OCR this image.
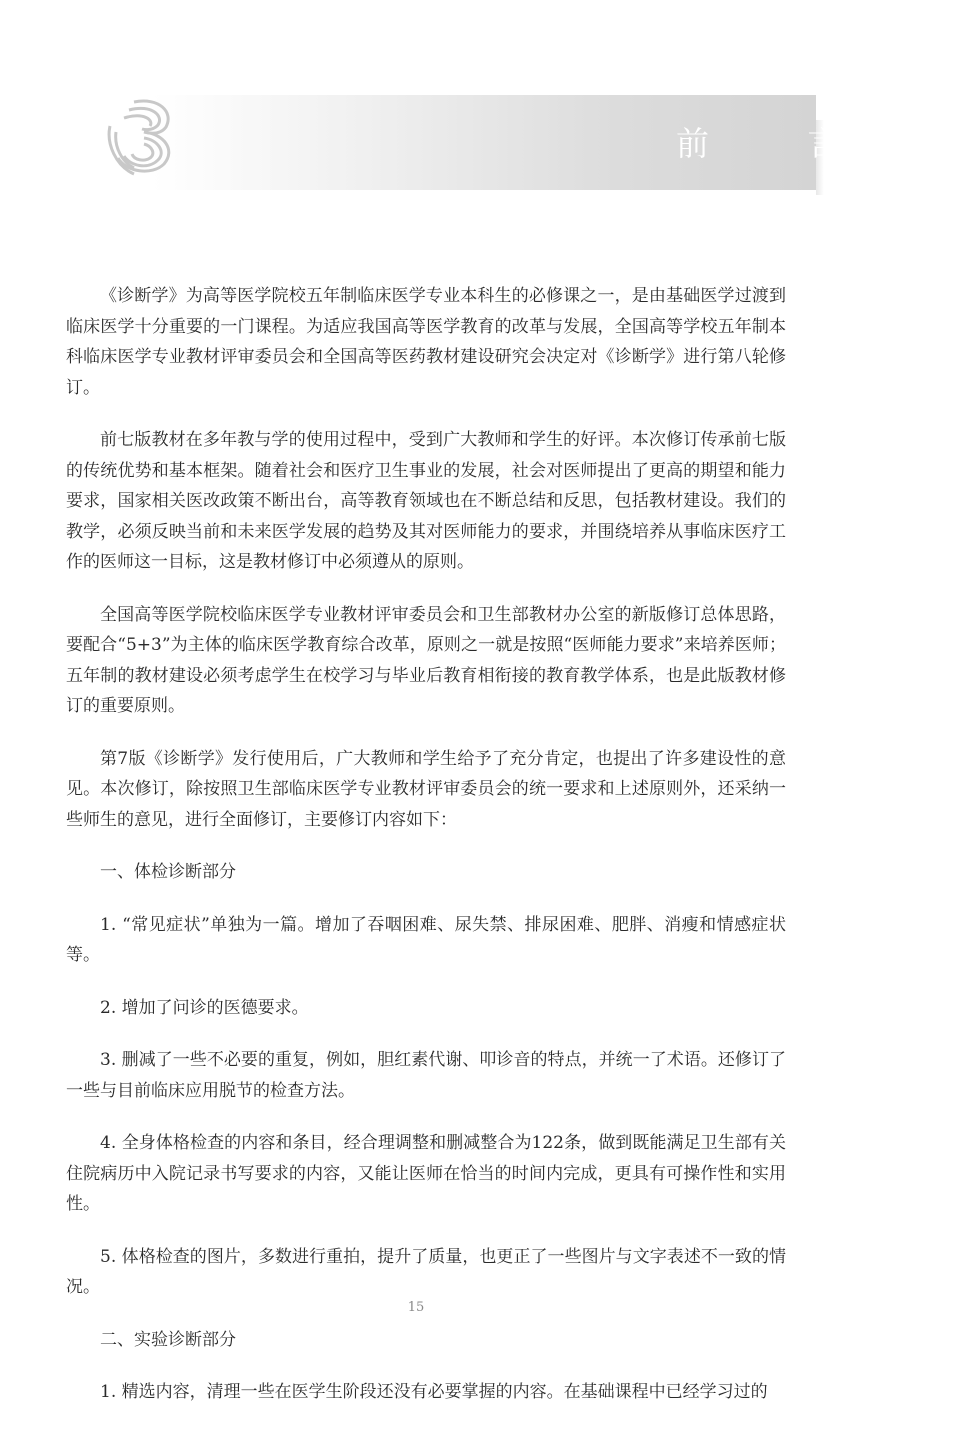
前 言

《诊断学》为高等医学院校五年制临床医学专业本科生的必修课之一，是由基础医学过渡到临床医学十分重要的一门课程。为适应我国高等医学教育的改革与发展，全国高等学校五年制本科临床医学专业教材评审委员会和全国高等医药教材建设研究会决定对《诊断学》进行第八轮修订。

前七版教材在多年教与学的使用过程中，受到广大教师和学生的好评。本次修订传承前七版的传统优势和基本框架。随着社会和医疗卫生事业的发展，社会对医师提出了更高的期望和能力要求，国家相关医改政策不断出台，高等教育领域也在不断总结和反思，包括教材建设。我们的教学，必须反映当前和未来医学发展的趋势及其对医师能力的要求，并围绕培养从事临床医疗工作的医师这一目标，这是教材修订中必须遵从的原则。

全国高等医学院校临床医学专业教材评审委员会和卫生部教材办公室的新版修订总体思路，要配合“5+3”为主体的临床医学教育综合改革，原则之一就是按照“医师能力要求”来培养医师；五年制的教材建设必须考虑学生在校学习与毕业后教育相衔接的教育教学体系，也是此版教材修订的重要原则。

第7版《诊断学》发行使用后，广大教师和学生给予了充分肯定，也提出了许多建设性的意见。本次修订，除按照卫生部临床医学专业教材评审委员会的统一要求和上述原则外，还采纳一些师生的意见，进行全面修订，主要修订内容如下：

一、体检诊断部分

1. “常见症状”单独为一篇。增加了吞咽困难、尿失禁、排尿困难、肥胖、消瘦和情感症状等。

2. 增加了问诊的医德要求。

3. 删减了一些不必要的重复，例如，胆红素代谢、叩诊音的特点，并统一了术语。还修订了一些与目前临床应用脱节的检查方法。

4. 全身体格检查的内容和条目，经合理调整和删减整合为122条，做到既能满足卫生部有关住院病历中入院记录书写要求的内容，又能让医师在恰当的时间内完成，更具有可操作性和实用性。

5. 体格检查的图片，多数进行重拍，提升了质量，也更正了一些图片与文字表述不一致的情况。

二、实验诊断部分

1. 精选内容，清理一些在医学生阶段还没有必要掌握的内容。在基础课程中已经学习过的

15
